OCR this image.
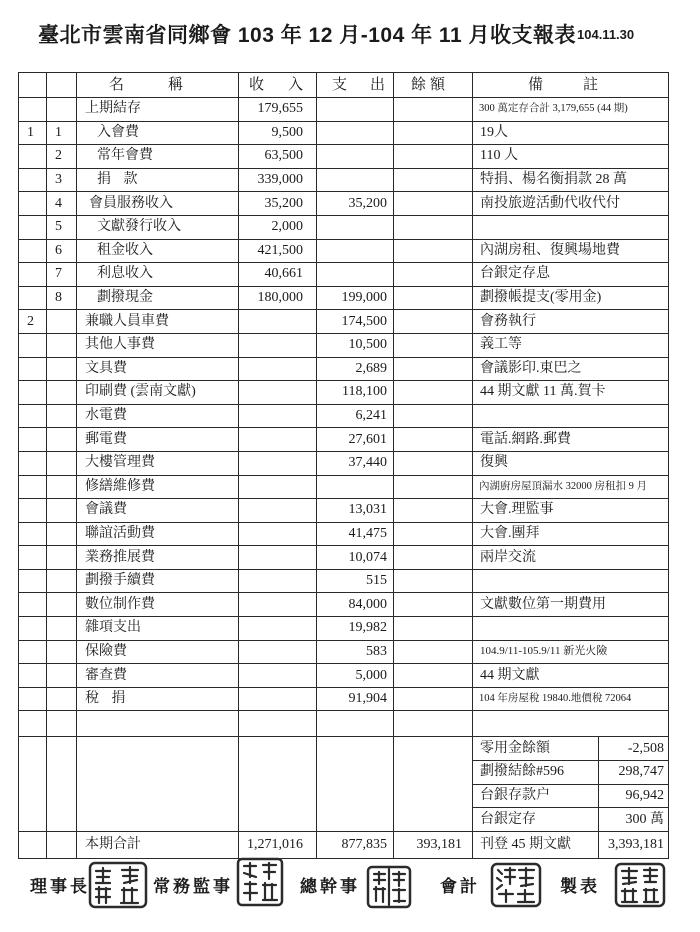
臺北市雲南省同鄉會 103 年 12 月-104 年 11 月收支報表 104.11.30
		名稱	收入	支出	餘額	備註	
		上期結存	179,655			300 萬定存合計 3,179,655 (44 期)	
1	1	入會費	9,500			19人	
	2	常年會費	63,500			110 人	
	3	捐 款	339,000			特捐、楊名衡捐款 28 萬	
	4	會員服務收入	35,200	35,200		南投旅遊活動代收代付	
	5	文獻發行收入	2,000				
	6	租金收入	421,500			內湖房租、復興場地費	
	7	利息收入	40,661			台銀定存息	
	8	劃撥現金	180,000	199,000		劃撥帳提支(零用金)	
2		兼職人員車費		174,500		會務執行	
		其他人事費		10,500		義工等	
		文具費		2,689		會議影印.東巴之	
		印刷費 (雲南文獻)		118,100		44 期文獻 11 萬.賀卡	
		水電費		6,241			
		郵電費		27,601		電話.網路.郵費	
		大樓管理費		37,440		復興	
		修繕維修費				內湖廚房屋頂漏水 32000 房租扣 9 月	
		會議費		13,031		大會.理監事	
		聯誼活動費		41,475		大會.團拜	
		業務推展費		10,074		兩岸交流	
		劃撥手續費		515			
		數位制作費		84,000		文獻數位第一期費用	
		雜項支出		19,982			
		保險費		583		104.9/11-105.9/11 新光火險	
		審查費		5,000		44 期文獻	
		稅 捐		91,904		104 年房屋稅 19840.地價稅 72064	

						零用金餘額	-2,508
						劃撥結餘#596	298,747
						台銀存款户	96,942
						台銀定存	300 萬
		本期合計	1,271,016	877,835	393,181	刊登 45 期文獻	3,393,181
理事長	常務監事	總幹事	會計	製表
